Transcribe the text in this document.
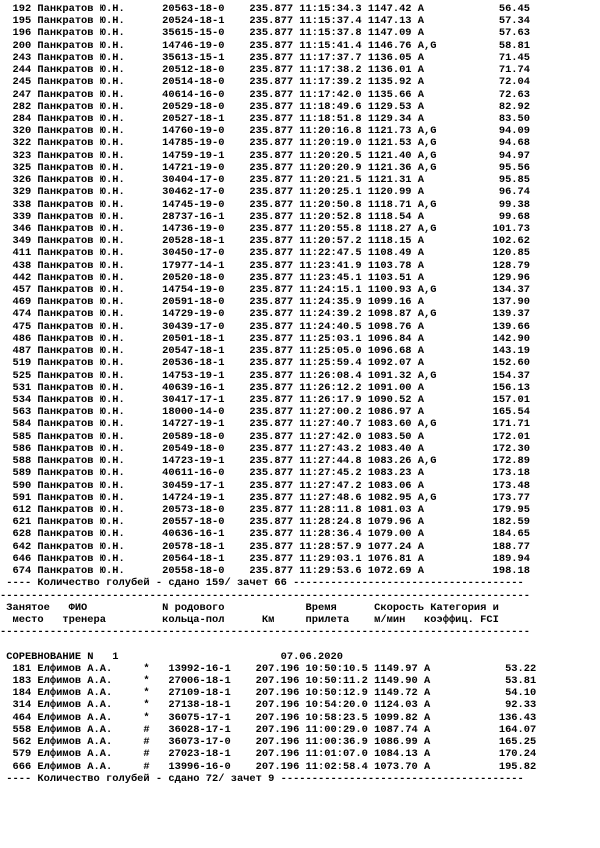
192 Панкратов Ю.Н.      20563-18-0    235.877 11:15:34.3 1147.42 А            56.45
195 Панкратов Ю.Н.      20524-18-1    235.877 11:15:37.4 1147.13 А            57.34
196 Панкратов Ю.Н.      35615-15-0    235.877 11:15:37.8 1147.09 А            57.63
200 Панкратов Ю.Н.      14746-19-0    235.877 11:15:41.4 1146.76 А,G          58.81
243 Панкратов Ю.Н.      35613-15-1    235.877 11:17:37.7 1136.05 А            71.45
244 Панкратов Ю.Н.      20512-18-0    235.877 11:17:38.2 1136.01 А            71.74
245 Панкратов Ю.Н.      20514-18-0    235.877 11:17:39.2 1135.92 А            72.04
247 Панкратов Ю.Н.      40614-16-0    235.877 11:17:42.0 1135.66 А            72.63
282 Панкратов Ю.Н.      20529-18-0    235.877 11:18:49.6 1129.53 А            82.92
284 Панкратов Ю.Н.      20527-18-1    235.877 11:18:51.8 1129.34 А            83.50
320 Панкратов Ю.Н.      14760-19-0    235.877 11:20:16.8 1121.73 А,G          94.09
322 Панкратов Ю.Н.      14785-19-0    235.877 11:20:19.0 1121.53 А,G          94.68
323 Панкратов Ю.Н.      14759-19-1    235.877 11:20:20.5 1121.40 А,G          94.97
325 Панкратов Ю.Н.      14721-19-0    235.877 11:20:20.9 1121.36 А,G          95.56
326 Панкратов Ю.Н.      30404-17-0    235.877 11:20:21.5 1121.31 А            95.85
329 Панкратов Ю.Н.      30462-17-0    235.877 11:20:25.1 1120.99 А            96.74
338 Панкратов Ю.Н.      14745-19-0    235.877 11:20:50.8 1118.71 А,G          99.38
339 Панкратов Ю.Н.      28737-16-1    235.877 11:20:52.8 1118.54 А            99.68
346 Панкратов Ю.Н.      14736-19-0    235.877 11:20:55.8 1118.27 А,G         101.73
349 Панкратов Ю.Н.      20528-18-1    235.877 11:20:57.2 1118.15 А           102.62
411 Панкратов Ю.Н.      30450-17-0    235.877 11:22:47.5 1108.49 А           120.85
438 Панкратов Ю.Н.      17977-14-1    235.877 11:23:41.9 1103.78 А           128.79
442 Панкратов Ю.Н.      20520-18-0    235.877 11:23:45.1 1103.51 А           129.96
457 Панкратов Ю.Н.      14754-19-0    235.877 11:24:15.1 1100.93 А,G         134.37
469 Панкратов Ю.Н.      20591-18-0    235.877 11:24:35.9 1099.16 А           137.90
474 Панкратов Ю.Н.      14729-19-0    235.877 11:24:39.2 1098.87 А,G         139.37
475 Панкратов Ю.Н.      30439-17-0    235.877 11:24:40.5 1098.76 А           139.66
486 Панкратов Ю.Н.      20501-18-1    235.877 11:25:03.1 1096.84 А           142.90
487 Панкратов Ю.Н.      20547-18-1    235.877 11:25:05.0 1096.68 А           143.19
519 Панкратов Ю.Н.      20536-18-1    235.877 11:25:59.4 1092.07 А           152.60
525 Панкратов Ю.Н.      14753-19-1    235.877 11:26:08.4 1091.32 А,G         154.37
531 Панкратов Ю.Н.      40639-16-1    235.877 11:26:12.2 1091.00 А           156.13
534 Панкратов Ю.Н.      30417-17-1    235.877 11:26:17.9 1090.52 А           157.01
563 Панкратов Ю.Н.      18000-14-0    235.877 11:27:00.2 1086.97 А           165.54
584 Панкратов Ю.Н.      14727-19-1    235.877 11:27:40.7 1083.60 А,G         171.71
585 Панкратов Ю.Н.      20589-18-0    235.877 11:27:42.0 1083.50 А           172.01
586 Панкратов Ю.Н.      20549-18-0    235.877 11:27:43.2 1083.40 А           172.30
588 Панкратов Ю.Н.      14723-19-1    235.877 11:27:44.8 1083.26 А,G         172.89
589 Панкратов Ю.Н.      40611-16-0    235.877 11:27:45.2 1083.23 А           173.18
590 Панкратов Ю.Н.      30459-17-1    235.877 11:27:47.2 1083.06 А           173.48
591 Панкратов Ю.Н.      14724-19-1    235.877 11:27:48.6 1082.95 А,G         173.77
612 Панкратов Ю.Н.      20573-18-0    235.877 11:28:11.8 1081.03 А           179.95
621 Панкратов Ю.Н.      20557-18-0    235.877 11:28:24.8 1079.96 А           182.59
628 Панкратов Ю.Н.      40636-16-1    235.877 11:28:36.4 1079.00 А           184.65
642 Панкратов Ю.Н.      20578-18-1    235.877 11:28:57.9 1077.24 А           188.77
646 Панкратов Ю.Н.      20564-18-1    235.877 11:29:03.1 1076.81 А           189.94
674 Панкратов Ю.Н.      20558-18-0    235.877 11:29:53.6 1072.69 А           198.18
---- Количество голубей - сдано 159/ зачет 66 -------------------------------------
-------------------------------------------------------------------------------------
Занятое   ФИО            N родового             Время      Скорость Категория и
место   тренера         кольца-пол      Км     прилета    м/мин   коэффиц. FCI
-------------------------------------------------------------------------------------

СОРЕВНОВАНИЕ N   1                          07.06.2020
181 Елфимов А.А.     *   13992-16-1    207.196 10:50:10.5 1149.97 А            53.22
183 Елфимов А.А.     *   27006-18-1    207.196 10:50:11.2 1149.90 А            53.81
184 Елфимов А.А.     *   27109-18-1    207.196 10:50:12.9 1149.72 А            54.10
314 Елфимов А.А.     *   27138-18-1    207.196 10:54:20.0 1124.03 А            92.33
464 Елфимов А.А.     *   36075-17-1    207.196 10:58:23.5 1099.82 А           136.43
558 Елфимов А.А.     #   36028-17-1    207.196 11:00:29.0 1087.74 А           164.07
562 Елфимов А.А.     #   36073-17-0    207.196 11:00:36.9 1086.99 А           165.25
579 Елфимов А.А.     #   27023-18-1    207.196 11:01:07.0 1084.13 А           170.24
666 Елфимов А.А.     #   13996-16-0    207.196 11:02:58.4 1073.70 А           195.82
---- Количество голубей - сдано 72/ зачет 9 ---------------------------------------
